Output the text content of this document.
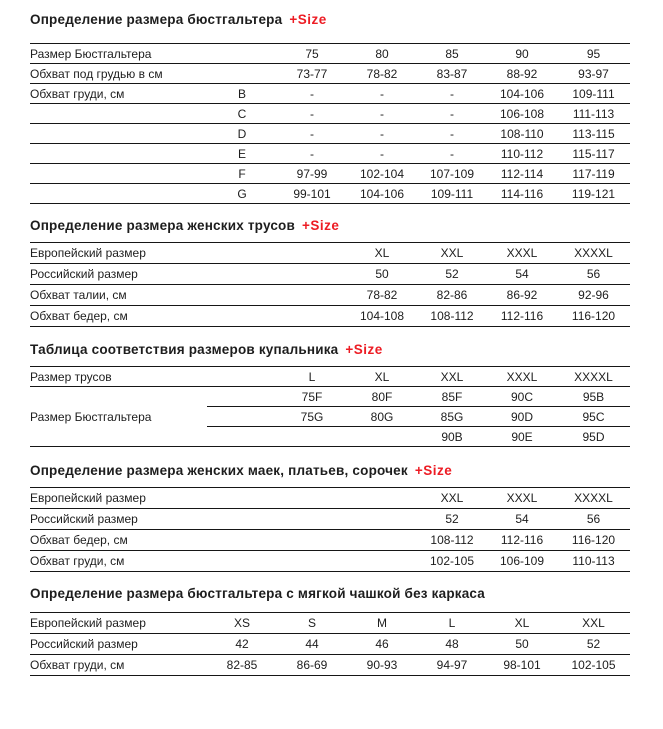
Определение размера бюстгальтера +Size
Размер Бюстгальтера		75	80	85	90	95
Обхват под грудью в см		73-77	78-82	83-87	88-92	93-97
Обхват груди, см	B	-	-	-	104-106	109-111
	C	-	-	-	106-108	111-113
	D	-	-	-	108-110	113-115
	E	-	-	-	110-112	115-117
	F	97-99	102-104	107-109	112-114	117-119
	G	99-101	104-106	109-111	114-116	119-121
Определение размера женских трусов +Size
Европейский размер			XL	XXL	XXXL	XXXXL
Российский размер			50	52	54	56
Обхват талии, см			78-82	82-86	86-92	92-96
Обхват бедер, см			104-108	108-112	112-116	116-120
Таблица соответствия размеров купальника +Size
Размер трусов		L	XL	XXL	XXXL	XXXXL
Размер Бюстгальтера		75F	80F	85F	90C	95B
		75G	80G	85G	90D	95C
				90B	90E	95D
Определение размера женских маек, платьев, сорочек +Size
Европейский размер				XXL	XXXL	XXXXL
Российский размер				52	54	56
Обхват бедер, см				108-112	112-116	116-120
Обхват груди, см				102-105	106-109	110-113
Определение размера бюстгальтера с мягкой чашкой без каркаса
Европейский размер	XS	S	M	L	XL	XXL
Российский размер	42	44	46	48	50	52
Обхват груди, см	82-85	86-69	90-93	94-97	98-101	102-105
